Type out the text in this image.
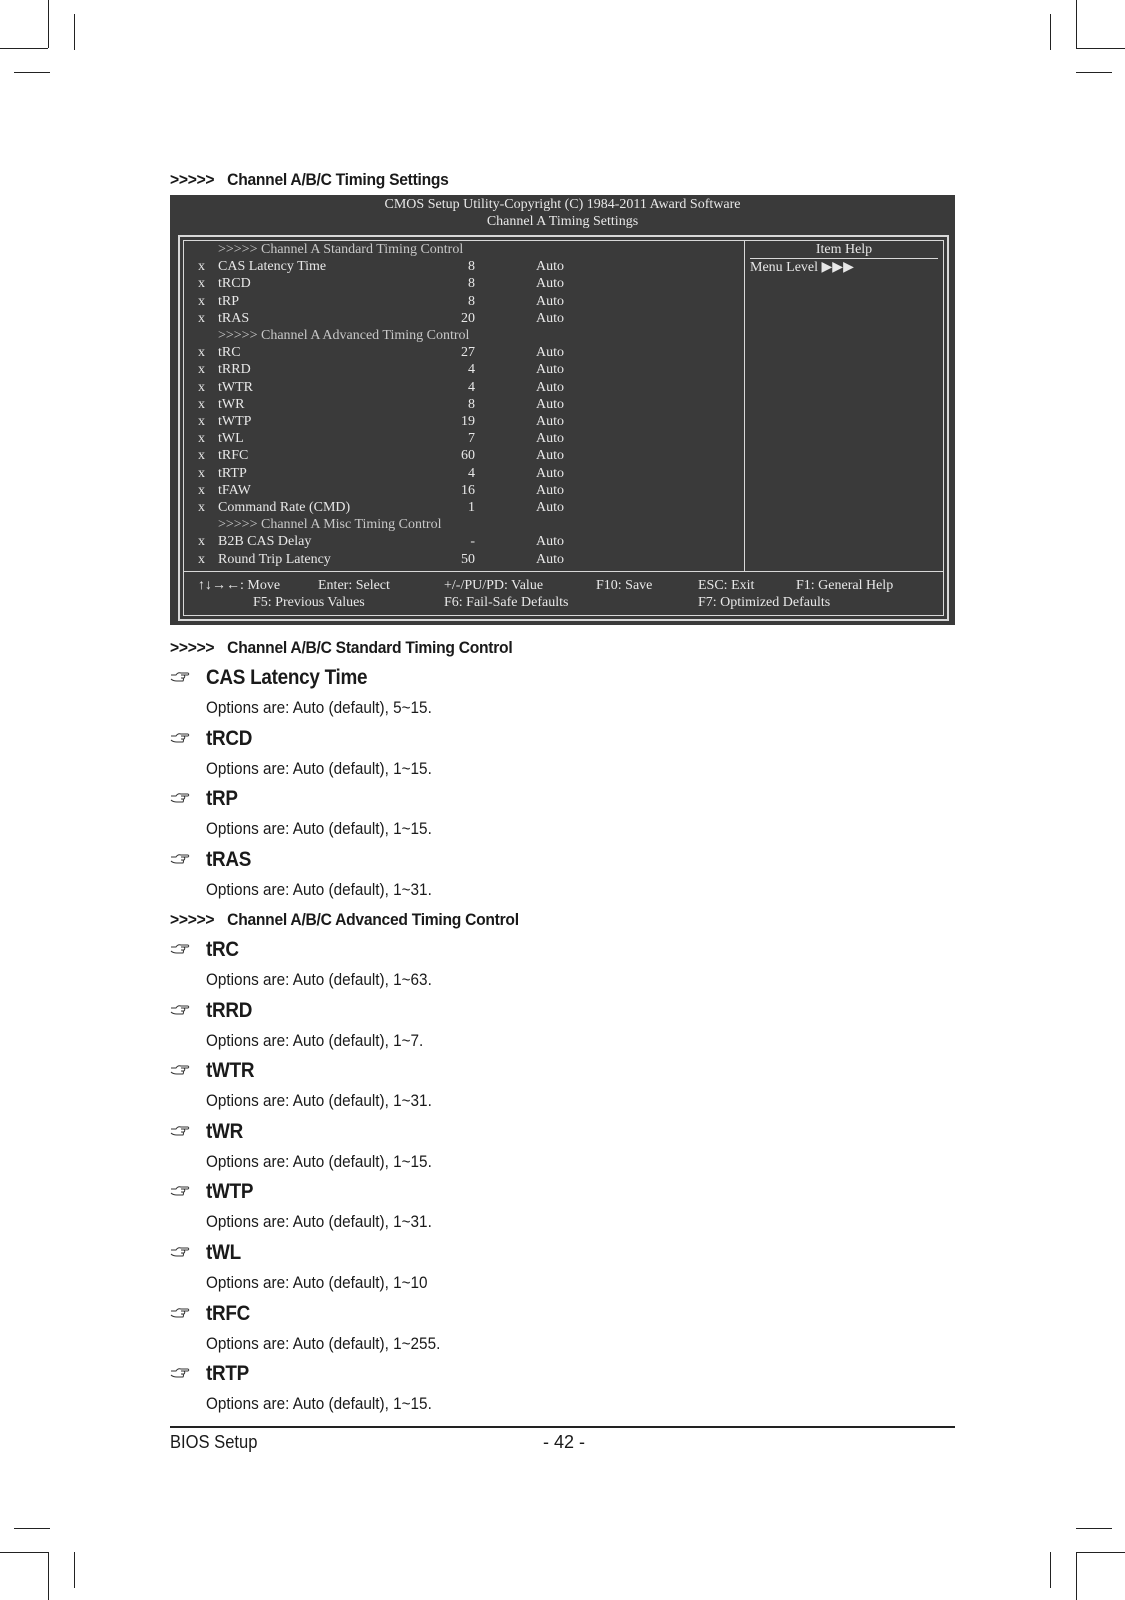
>>>>> Channel A/B/C Timing Settings
CMOS Setup Utility-Copyright (C) 1984-2011 Award Software
Channel A Timing Settings
Item Help
Menu Level ▶▶▶
>>>>> Channel A Standard Timing Control
x CAS Latency Time	8	Auto
x tRCD	8	Auto
x tRP	8	Auto
x tRAS	20	Auto
>>>>> Channel A Advanced Timing Control
x tRC	27	Auto
x tRRD	4	Auto
x tWTR	4	Auto
x tWR	8	Auto
x tWTP	19	Auto
x tWL	7	Auto
x tRFC	60	Auto
x tRTP	4	Auto
x tFAW	16	Auto
x Command Rate (CMD)	1	Auto
>>>>> Channel A Misc Timing Control
x B2B CAS Delay	-	Auto
x Round Trip Latency	50	Auto
↑↓→←: Move	Enter: Select	+/-/PU/PD: Value	F10: Save	ESC: Exit	F1: General Help
F5: Previous Values	F6: Fail-Safe Defaults	F7: Optimized Defaults
>>>>> Channel A/B/C Standard Timing Control
CAS Latency Time
Options are: Auto (default), 5~15.
tRCD
Options are: Auto (default), 1~15.
tRP
Options are: Auto (default), 1~15.
tRAS
Options are: Auto (default), 1~31.
>>>>> Channel A/B/C Advanced Timing Control
tRC
Options are: Auto (default), 1~63.
tRRD
Options are: Auto (default), 1~7.
tWTR
Options are: Auto (default), 1~31.
tWR
Options are: Auto (default), 1~15.
tWTP
Options are: Auto (default), 1~31.
tWL
Options are: Auto (default), 1~10
tRFC
Options are: Auto (default), 1~255.
tRTP
Options are: Auto (default), 1~15.
BIOS Setup	- 42 -
